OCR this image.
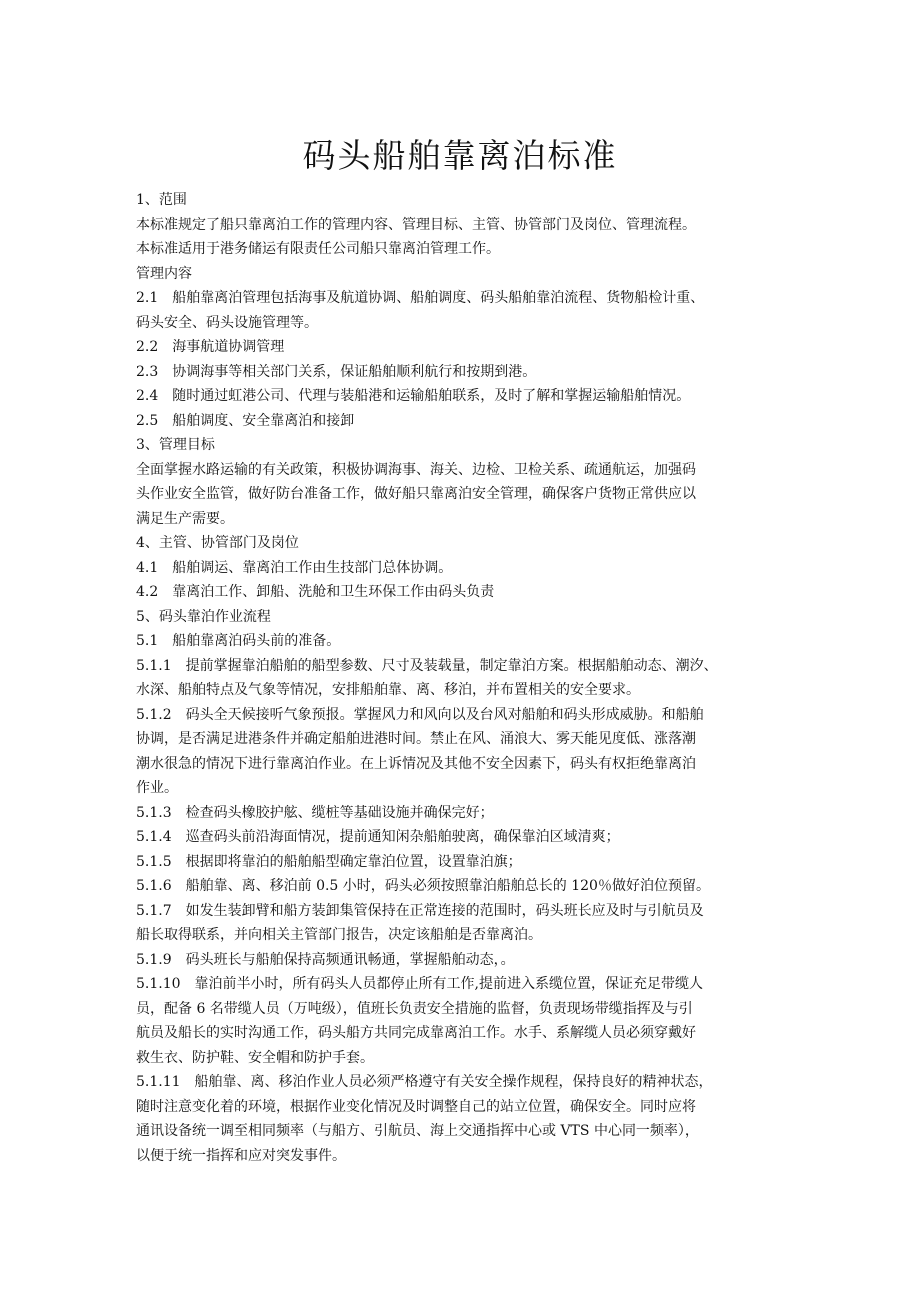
码头船舶靠离泊标准
1、范围
本标准规定了船只靠离泊工作的管理内容、管理目标、主管、协管部门及岗位、管理流程。
本标准适用于港务储运有限责任公司船只靠离泊管理工作。
管理内容
2.1　船舶靠离泊管理包括海事及航道协调、船舶调度、码头船舶靠泊流程、货物船检计重、
码头安全、码头设施管理等。
2.2　海事航道协调管理
2.3　协调海事等相关部门关系，保证船舶顺利航行和按期到港。
2.4　随时通过虹港公司、代理与装船港和运输船舶联系，及时了解和掌握运输船舶情况。
2.5　船舶调度、安全靠离泊和接卸
3、管理目标
全面掌握水路运输的有关政策，积极协调海事、海关、边检、卫检关系、疏通航运，加强码
头作业安全监管，做好防台准备工作，做好船只靠离泊安全管理，确保客户货物正常供应以
满足生产需要。
4、主管、协管部门及岗位
4.1　船舶调运、靠离泊工作由生技部门总体协调。
4.2　靠离泊工作、卸船、洗舱和卫生环保工作由码头负责
5、码头靠泊作业流程
5.1　船舶靠离泊码头前的准备。
5.1.1　提前掌握靠泊船舶的船型参数、尺寸及装载量，制定靠泊方案。根据船舶动态、潮汐、
水深、船舶特点及气象等情况，安排船舶靠、离、移泊，并布置相关的安全要求。
5.1.2　码头全天候接听气象预报。掌握风力和风向以及台风对船舶和码头形成威胁。和船舶
协调，是否满足进港条件并确定船舶进港时间。禁止在风、涌浪大、雾天能见度低、涨落潮
潮水很急的情况下进行靠离泊作业。在上诉情况及其他不安全因素下，码头有权拒绝靠离泊
作业。
5.1.3　检查码头橡胶护舷、缆桩等基础设施并确保完好；
5.1.4　巡查码头前沿海面情况，提前通知闲杂船舶驶离，确保靠泊区域清爽；
5.1.5　根据即将靠泊的船舶船型确定靠泊位置，设置靠泊旗；
5.1.6　船舶靠、离、移泊前 0.5 小时，码头必须按照靠泊船舶总长的 120％做好泊位预留。
5.1.7　如发生装卸臂和船方装卸集管保持在正常连接的范围时，码头班长应及时与引航员及
船长取得联系，并向相关主管部门报告，决定该船舶是否靠离泊。
5.1.9　码头班长与船舶保持高频通讯畅通，掌握船舶动态，。
5.1.10　靠泊前半小时，所有码头人员都停止所有工作,提前进入系缆位置，保证充足带缆人
员，配备 6 名带缆人员（万吨级），值班长负责安全措施的监督，负责现场带缆指挥及与引
航员及船长的实时沟通工作，码头船方共同完成靠离泊工作。水手、系解缆人员必须穿戴好
救生衣、防护鞋、安全帽和防护手套。
5.1.11　船舶靠、离、移泊作业人员必须严格遵守有关安全操作规程，保持良好的精神状态，
随时注意变化着的环境，根据作业变化情况及时调整自己的站立位置，确保安全。同时应将
通讯设备统一调至相同频率（与船方、引航员、海上交通指挥中心或 VTS 中心同一频率），
以便于统一指挥和应对突发事件。
